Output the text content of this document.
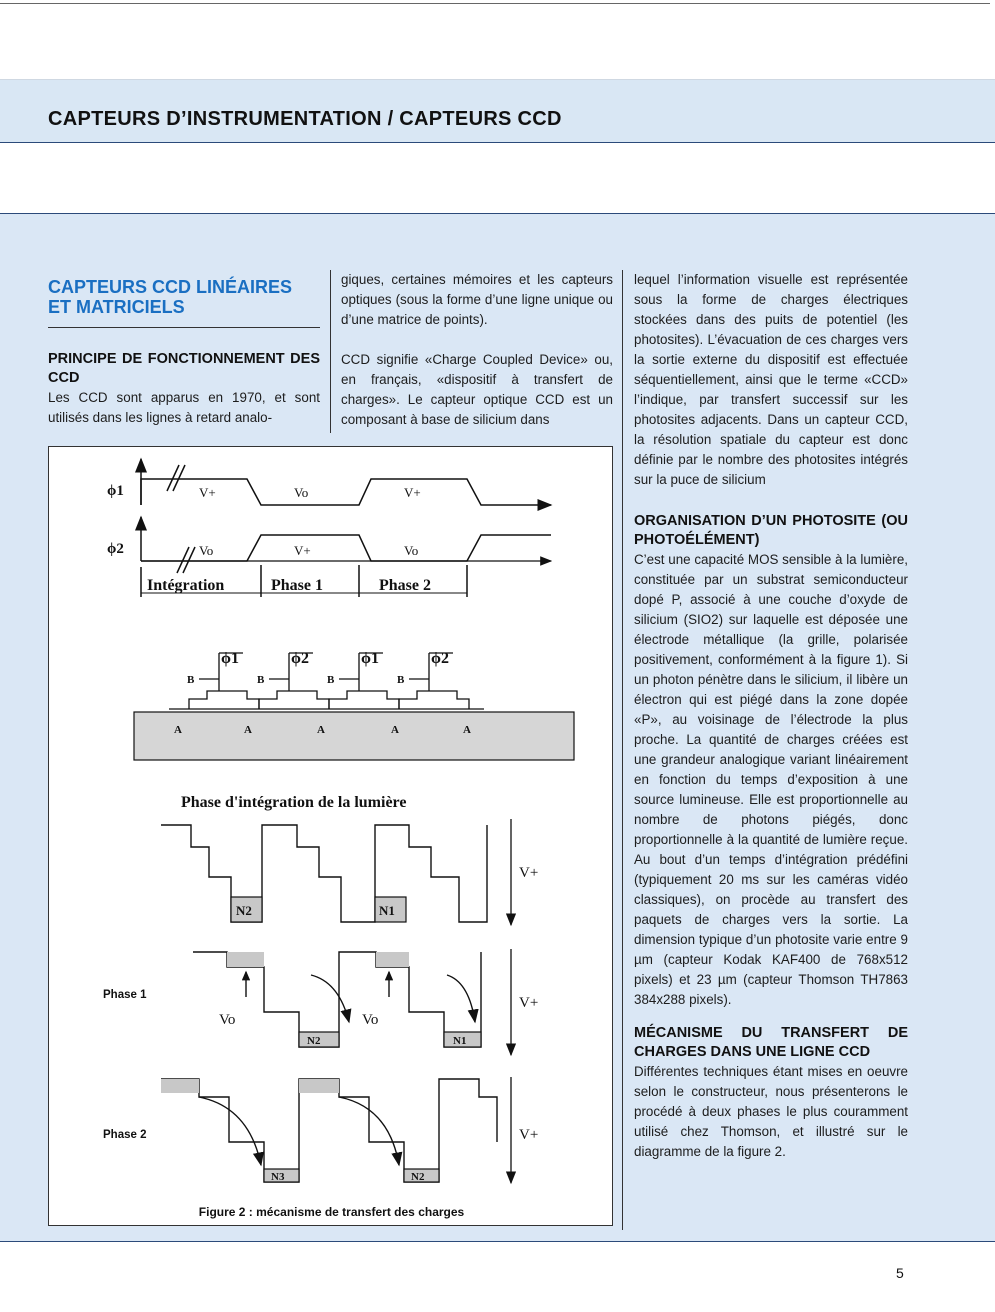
CAPTEURS D’INSTRUMENTATION / CAPTEURS CCD
CAPTEURS CCD LINÉAIRES ET MATRICIELS

PRINCIPE DE FONCTIONNEMENT DES CCD

Les CCD sont apparus en 1970, et sont utilisés dans les lignes à retard analo-

giques, certaines mémoires et les capteurs optiques (sous la forme d’une ligne unique ou d’une matrice de points).

CCD signifie «Charge Coupled Device» ou, en français, «dispositif à transfert de charges». Le capteur optique CCD est un composant à base de silicium dans

lequel l’information visuelle est représentée sous la forme de charges électriques stockées dans des puits de potentiel (les photosites). L’évacuation de ces charges vers la sortie externe du dispositif est effectuée séquentiellement, ainsi que le terme «CCD» l’indique, par transfert successif sur les photosites adjacents. Dans un capteur CCD, la résolution spatiale du capteur est donc définie par le nombre des photosites intégrés sur la puce de silicium

ORGANISATION D’UN PHOTOSITE (OU PHOTOÉLÉMENT)

C’est une capacité MOS sensible à la lumière, constituée par un substrat semiconducteur dopé P, associé à une couche d’oxyde de silicium (SIO2) sur laquelle est déposée une électrode métallique (la grille, polarisée positivement, conformément à la figure 1). Si un photon pénètre dans le silicium, il libère un électron qui est piégé dans la zone dopée «P», au voisinage de l’électrode la plus proche. La quantité de charges créées est une grandeur analogique variant linéairement en fonction du temps d’exposition à une source lumineuse. Elle est proportionnelle au nombre de photons piégés, donc proportionnelle à la quantité de lumière reçue. Au bout d’un temps d’intégration prédéfini (typiquement 20 ms sur les caméras vidéo classiques), on procède au transfert des paquets de charges vers la sortie. La dimension typique d’un photosite varie entre 9 µm (capteur Kodak KAF400 de 768x512 pixels) et 23 µm (capteur Thomson TH7863 384x288 pixels).

MÉCANISME DU TRANSFERT DE CHARGES DANS UNE LIGNE CCD

Différentes techniques étant mises en oeuvre selon le constructeur, nous présenterons le procédé à deux phases le plus couramment utilisé chez Thomson, et illustré sur le diagramme de la figure 2.

ϕ1
ϕ2
V+	Vo	V+
Vo	V+	Vo
Intégration	Phase 1	Phase 2
ϕ1	ϕ2	ϕ1	ϕ2
B	B	B	B
A	A	A	A	A
Phase d'intégration de la lumière
N2	N1
N2	N1
N3	N2
Vo	Vo
V+
V+
V+
Phase 1
Phase 2
Figure 2 : mécanisme de transfert des charges
5
